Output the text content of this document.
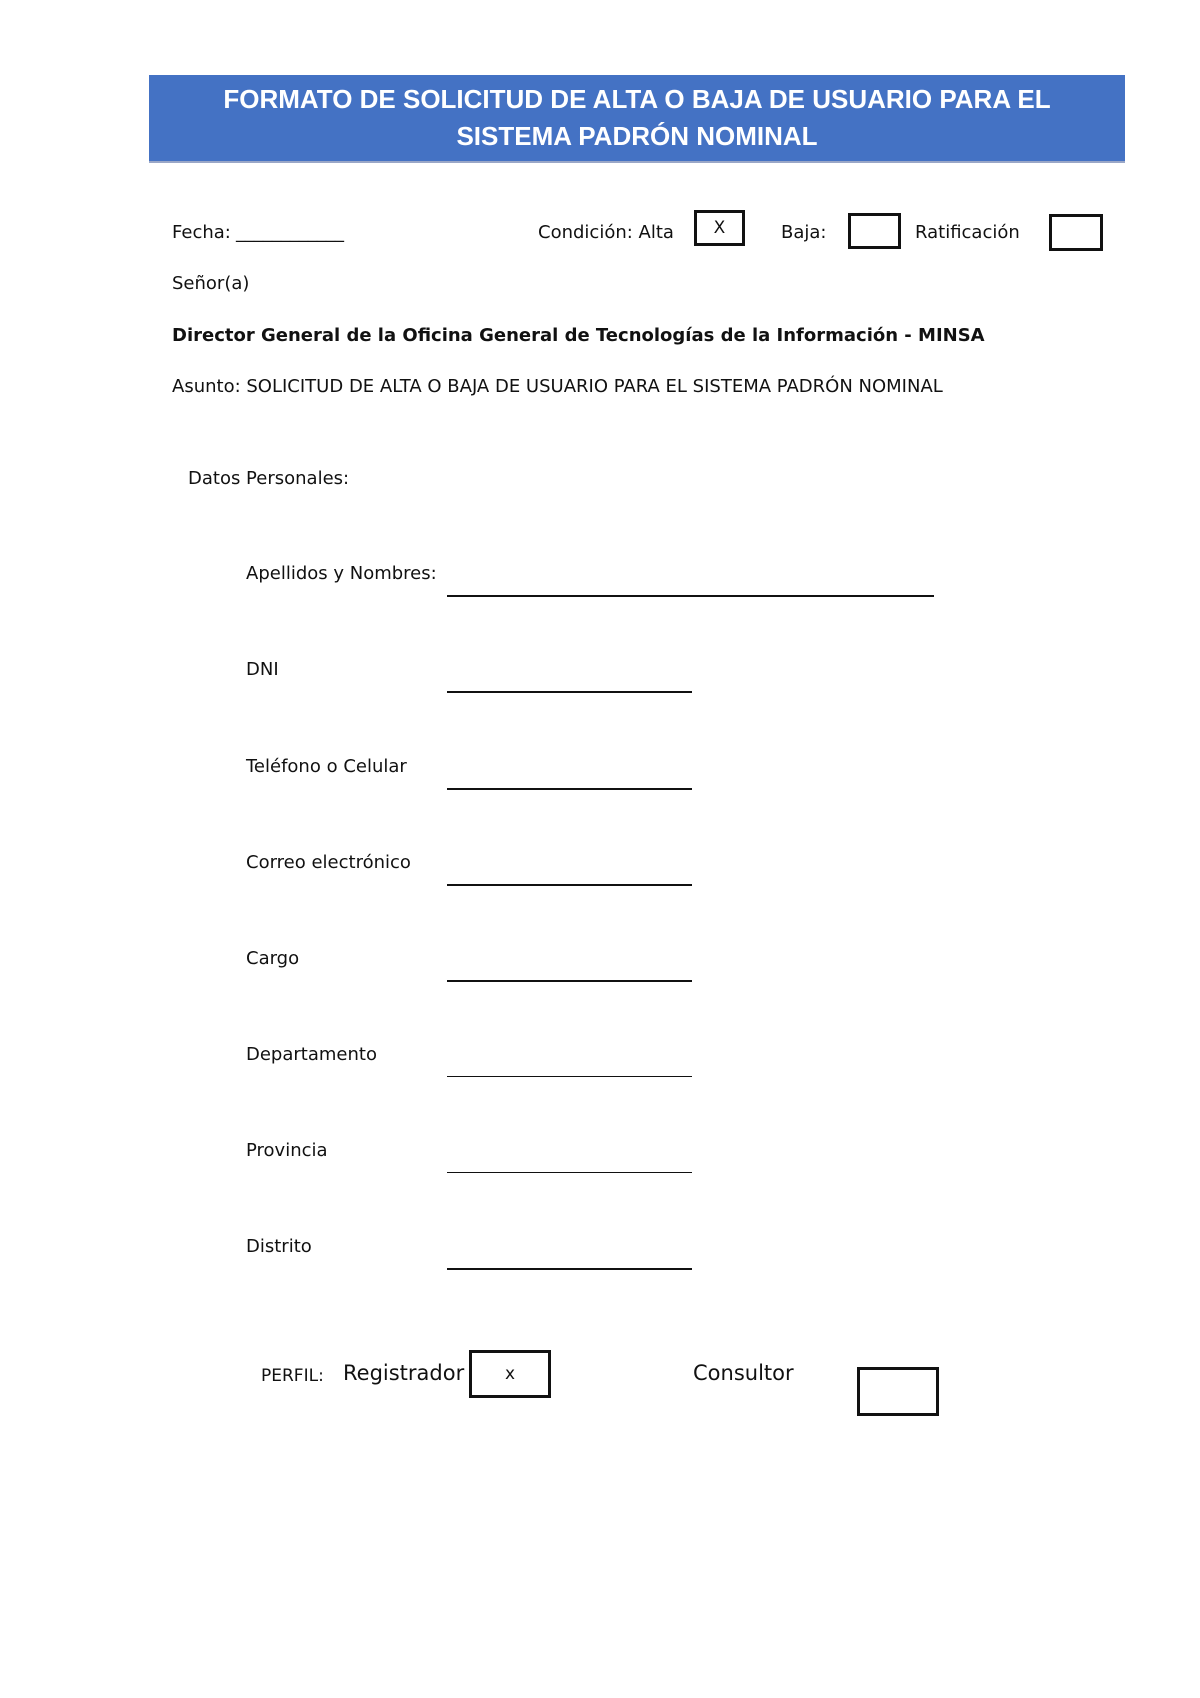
FORMATO DE SOLICITUD DE ALTA O BAJA DE USUARIO PARA EL SISTEMA PADRÓN NOMINAL
Fecha: ____________	Condición: Alta X	Baja:	Ratificación
Señor(a)
Director General de la Oficina General de Tecnologías de la Información - MINSA
Asunto: SOLICITUD DE ALTA O BAJA DE USUARIO PARA EL SISTEMA PADRÓN NOMINAL
Datos Personales:
Apellidos y Nombres:
DNI
Teléfono o Celular
Correo electrónico
Cargo
Departamento
Provincia
Distrito
PERFIL: Registrador x	Consultor
